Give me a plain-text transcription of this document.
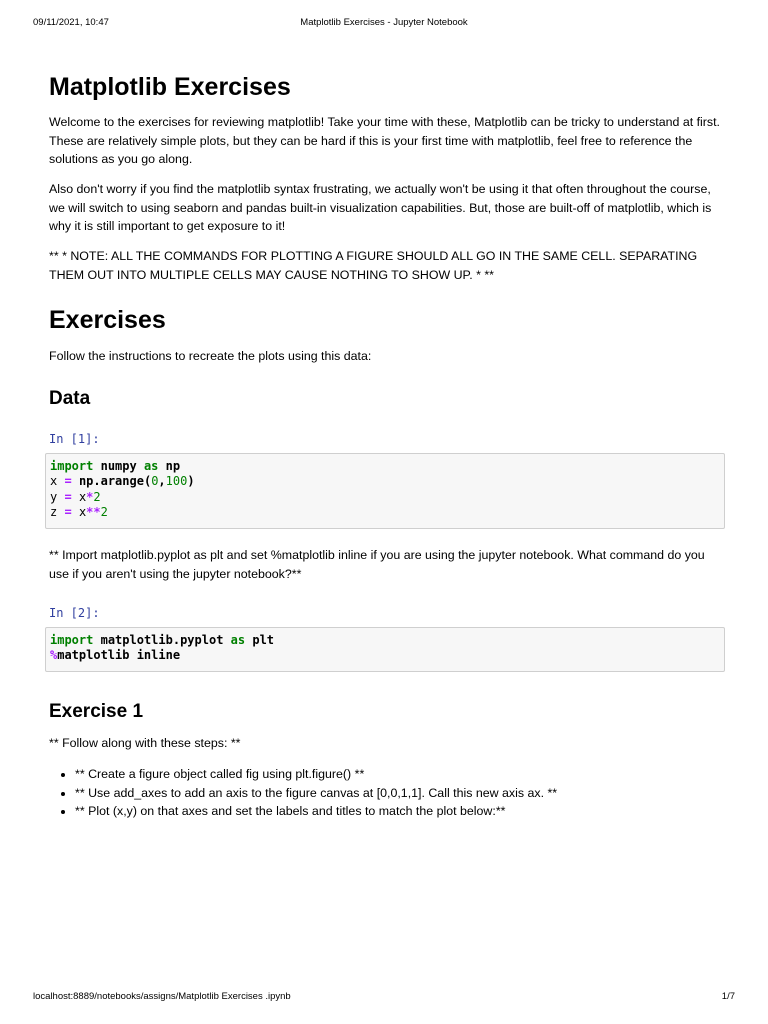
09/11/2021, 10:47	Matplotlib Exercises - Jupyter Notebook
Matplotlib Exercises

Welcome to the exercises for reviewing matplotlib! Take your time with these, Matplotlib can be tricky to understand at first. These are relatively simple plots, but they can be hard if this is your first time with matplotlib, feel free to reference the solutions as you go along.

Also don't worry if you find the matplotlib syntax frustrating, we actually won't be using it that often throughout the course, we will switch to using seaborn and pandas built-in visualization capabilities. But, those are built-off of matplotlib, which is why it is still important to get exposure to it!

** * NOTE: ALL THE COMMANDS FOR PLOTTING A FIGURE SHOULD ALL GO IN THE SAME CELL. SEPARATING THEM OUT INTO MULTIPLE CELLS MAY CAUSE NOTHING TO SHOW UP. * **

Exercises

Follow the instructions to recreate the plots using this data:

Data
In [1]:
import numpy as np
x = np.arange(0,100)
y = x*2
z = x**2

** Import matplotlib.pyplot as plt and set %matplotlib inline if you are using the jupyter notebook. What command do you use if you aren't using the jupyter notebook?**

In [2]:
import matplotlib.pyplot as plt
%matplotlib inline
Exercise 1

** Follow along with these steps: **

• ** Create a figure object called fig using plt.figure() **
• ** Use add_axes to add an axis to the figure canvas at [0,0,1,1]. Call this new axis ax. **
• ** Plot (x,y) on that axes and set the labels and titles to match the plot below:**
localhost:8889/notebooks/assigns/Matplotlib Exercises .ipynb	1/7
